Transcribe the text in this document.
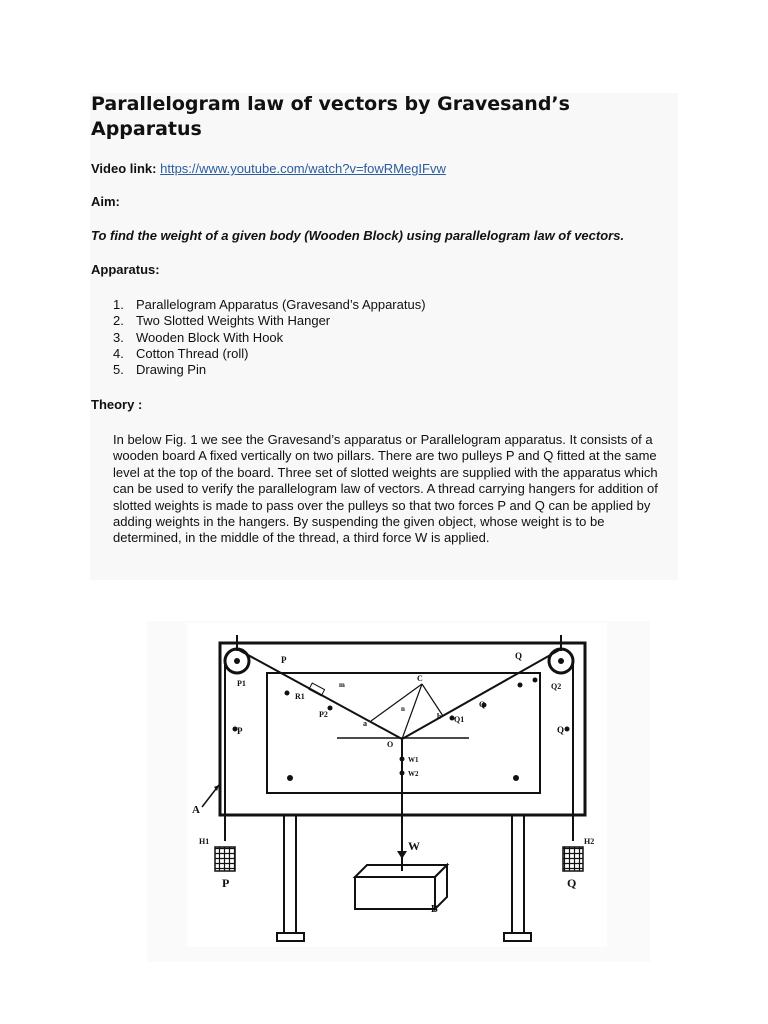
Parallelogram law of vectors by Gravesand’s Apparatus
Video link: https://www.youtube.com/watch?v=fowRMegIFvw
Aim:
To find the weight of a given body (Wooden Block) using parallelogram law of vectors.
Apparatus:
1. Parallelogram Apparatus (Gravesand’s Apparatus)
2. Two Slotted Weights With Hanger
3. Wooden Block With Hook
4. Cotton Thread (roll)
5. Drawing Pin
Theory :

In below Fig. 1 we see the Gravesand’s apparatus or Parallelogram apparatus. It consists of a wooden board A fixed vertically on two pillars. There are two pulleys P and Q fitted at the same level at the top of the board. Three set of slotted weights are supplied with the apparatus which can be used to verify the parallelogram law of vectors. A thread carrying hangers for addition of slotted weights is made to pass over the pulleys so that two forces P and Q can be applied by adding weights in the hangers. By suspending the given object, whose weight is to be determined, in the middle of the thread, a third force W is applied.

P
P1
P
P
R1
P2
m
a
n
C
b
O
Q
Q2
Q
Q1
Q
Q
W1
W2
W
A
H1	H2
B
